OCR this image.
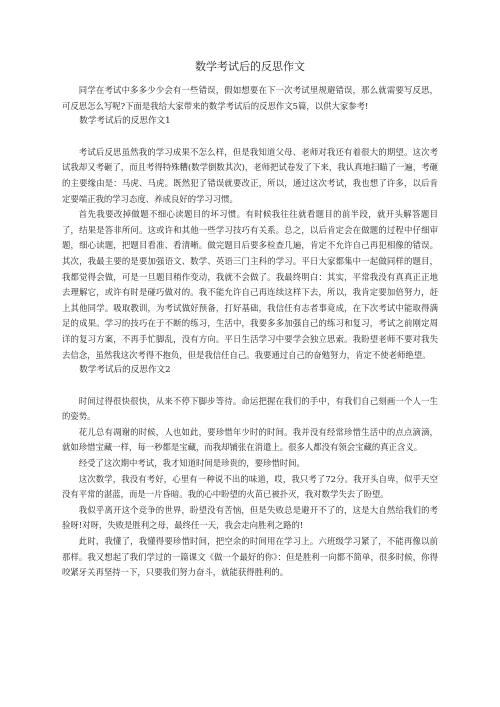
数学考试后的反思作文

同学在考试中多多少少会有一些错误，假如想要在下一次考试里规避错误，那么就需要写反思，可反思怎么写呢?下面是我给大家带来的数学考试后的反思作文5篇，以供大家参考!

数学考试后的反思作文1

考试后反思虽然我的学习成果不怎么样，但是我知道父母、老师对我还有着很大的期望。这次考试我却又考砸了，而且考得特殊糟(数学倒数其次)，老师把试卷发了下来，我认真地扫瞄了一遍，考砸的主要缘由是：马虎、马虎。既然犯了错误就要改正，所以，通过这次考试，我也想了许多，以后肯定要端正我的学习态度、养成良好的学习习惯。

首先我要改掉做题不细心读题目的坏习惯。有时候我往往就看题目的前半段，就开头解答题目了，结果是答非所问。这或许和其他一些学习技巧有关系。总之，以后肯定会在做题的过程中仔细审题，细心读题，把题目看准、看清晰。做完题目后要多检查几遍，肯定不允许自己再犯相像的错误。其次，我最主要的是要加强语文、数学、英语三门主科的学习。平日大家都集中一起做同样的题目，我都觉得会做，可是一旦题目稍作变动，我就不会做了。我最终明白：其实，平常我没有真真正正地去理解它，或许有时是碰巧做对的。我不能允许自己再连续这样下去，所以，我肯定要加倍努力，赶上其他同学。吸取教训，为考试做好预备，打好基础，我信任有志者事竟成，在下次考试中能取得满足的成果。学习的技巧在于不断的练习，生活中，我要多多加强自己的练习和复习，考试之前刚定周详的复习方案，不再手忙脚乱，没有方向。平日生活学习中要学会独立思索。我盼望老师不要对我失去信念，虽然我这次考得不抱负，但是我信任自己。我要通过自己的奋勉努力，肯定不使老师绝望。

数学考试后的反思作文2

时间过得很快很快，从来不停下脚步等待。命运把握在我们的手中，有我们自己刻画一个人一生的姿势。

花儿总有凋谢的时候，人也如此，要珍惜年少时的时间。我并没有经常珍惜生活中的点点滴滴，就如珍惜宝藏一样，每一秒都是宝藏，而我却铺张在消遣上。很多人都没有领会宝藏的真正含义。

经受了这次期中考试，我才知道时间是珍贵的，要珍惜时间。

这次数学，我没有考好，心里有一种说不出的味道，哎，我只考了72分。我开头自卑，似乎天空没有平常的湛蓝，而是一片昏暗。我的心中盼望的火苗已被扑灭，我对数学失去了盼望。

我似乎离开这个竞争的世界，盼望没有苦恼，但是失败总是避开不了的，这是大自然给我们的考验呀!对呀，失败是胜利之母，最终任一天，我会走向胜利之路的!

此时，我懂了，我懂得要珍惜时间，把空余的时间用在学习上。六班级学习紧了，不能再像以前那样。我又想起了我们学过的一篇课文《做一个最好的你》：但是胜利一向都不简单，很多时候，你得咬紧牙关再坚持一下，只要我们努力奋斗，就能获得胜利的。
